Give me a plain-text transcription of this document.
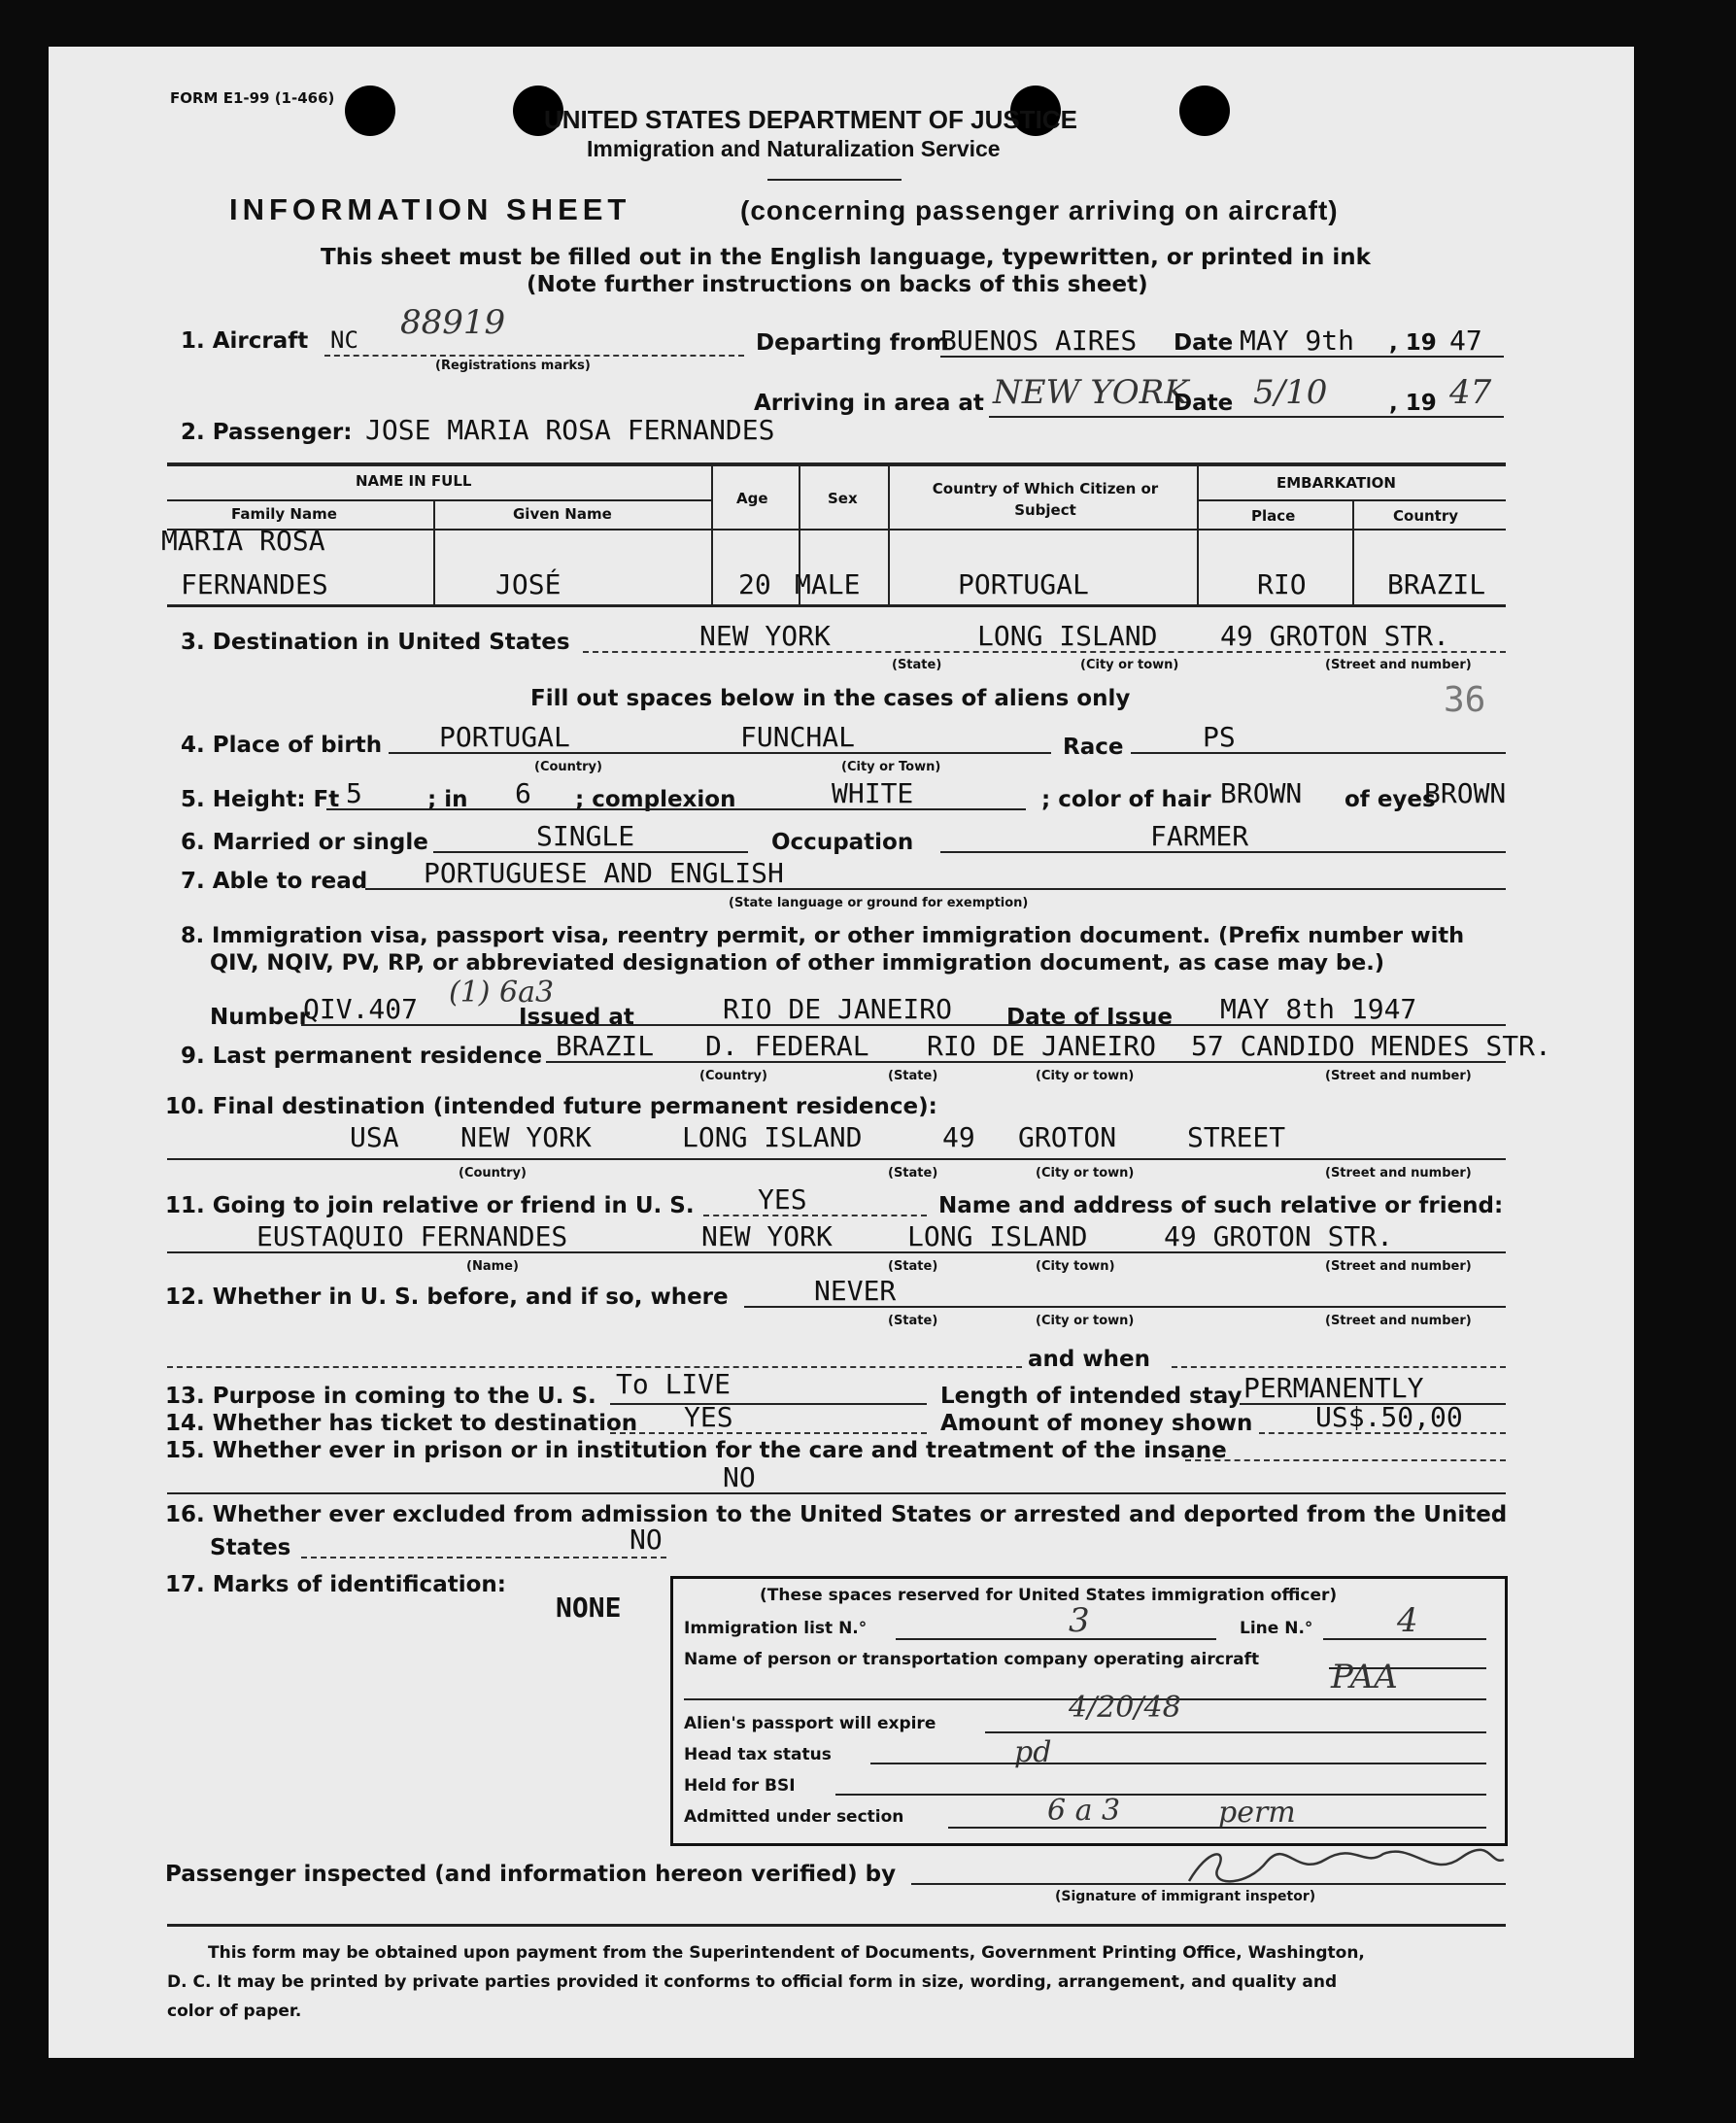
FORM E1-99 (1-466)
UNITED STATES DEPARTMENT OF JUSTICE
Immigration and Naturalization Service
INFORMATION SHEET	(concerning passenger arriving on aircraft)
This sheet must be filled out in the English language, typewritten, or printed in ink
(Note further instructions on backs of this sheet)
1. Aircraft NC 88919
(Registrations marks)
Departing from
BUENOS AIRES Date MAY 9th , 19 47
Arriving in area at NEW YORK
Date 5/10	, 19 47
2. Passenger: JOSE MARIA ROSA FERNANDES
NAME IN FULL
Family Name	Given Name
Age	Sex
Country of Which Citizen or Subject
EMBARKATION
Place	Country
MARIA ROSA
FERNANDES	JOSÉ	20 MALE	PORTUGAL	RIO	BRAZIL
3. Destination in United States	NEW YORK	LONG ISLAND 49 GROTON STR.
(State)	(City or town)	(Street and number)
Fill out spaces below in the cases of aliens only	36
4. Place of birth PORTUGAL	FUNCHAL	Race	PS
(Country)	(City or Town)
5. Height: Ft 5	; in 6 ; complexion	WHITE	; color of hair BROWN of eyes
BROWN
6. Married or single	SINGLE	Occupation	FARMER
7. Able to read PORTUGUESE AND ENGLISH
(State language or ground for exemption)
8. Immigration visa, passport visa, reentry permit, or other immigration document. (Prefix number with
QIV, NQIV, PV, RP, or abbreviated designation of other immigration document, as case may be.)
Number
QIV.407 (1) 6a3
Issued at	RIO DE JANEIRO Date of Issue MAY 8th 1947
9. Last permanent residence BRAZIL D. FEDERAL RIO DE JANEIRO 57 CANDIDO MENDES STR.
(Country)	(State)	(City or town)	(Street and number)
10. Final destination (intended future permanent residence):
USA NEW YORK	LONG ISLAND	49 GROTON	STREET
(Country)	(State)	(City or town)	(Street and number)
11. Going to join relative or friend in U. S. YES	Name and address of such relative or friend:
EUSTAQUIO FERNANDES	NEW YORK	LONG ISLAND	49 GROTON STR.
(Name)	(State)	(City town)	(Street and number)
12. Whether in U. S. before, and if so, where	NEVER
(State)	(City or town)	(Street and number)
and when
13. Purpose in coming to the U. S. To LIVE	Length of intended stay PERMANENTLY
14. Whether has ticket to destination YES	Amount of money shown US$.50,00
15. Whether ever in prison or in institution for the care and treatment of the insane
NO
16. Whether ever excluded from admission to the United States or arrested and deported from the United
States	NO
17. Marks of identification:
NONE	(These spaces reserved for United States immigration officer)
Immigration list N.°	3	Line N.°	4
Name of person or transportation company operating aircraft PAA
Alien's passport will expire	4/20/48
Head tax status	pd
Held for BSI
Admitted under section	6 a 3	perm
Passenger inspected (and information hereon verified) by
(Signature of immigrant inspetor)
This form may be obtained upon payment from the Superintendent of Documents, Government Printing Office, Washington,
D. C. It may be printed by private parties provided it conforms to official form in size, wording, arrangement, and quality and
color of paper.
